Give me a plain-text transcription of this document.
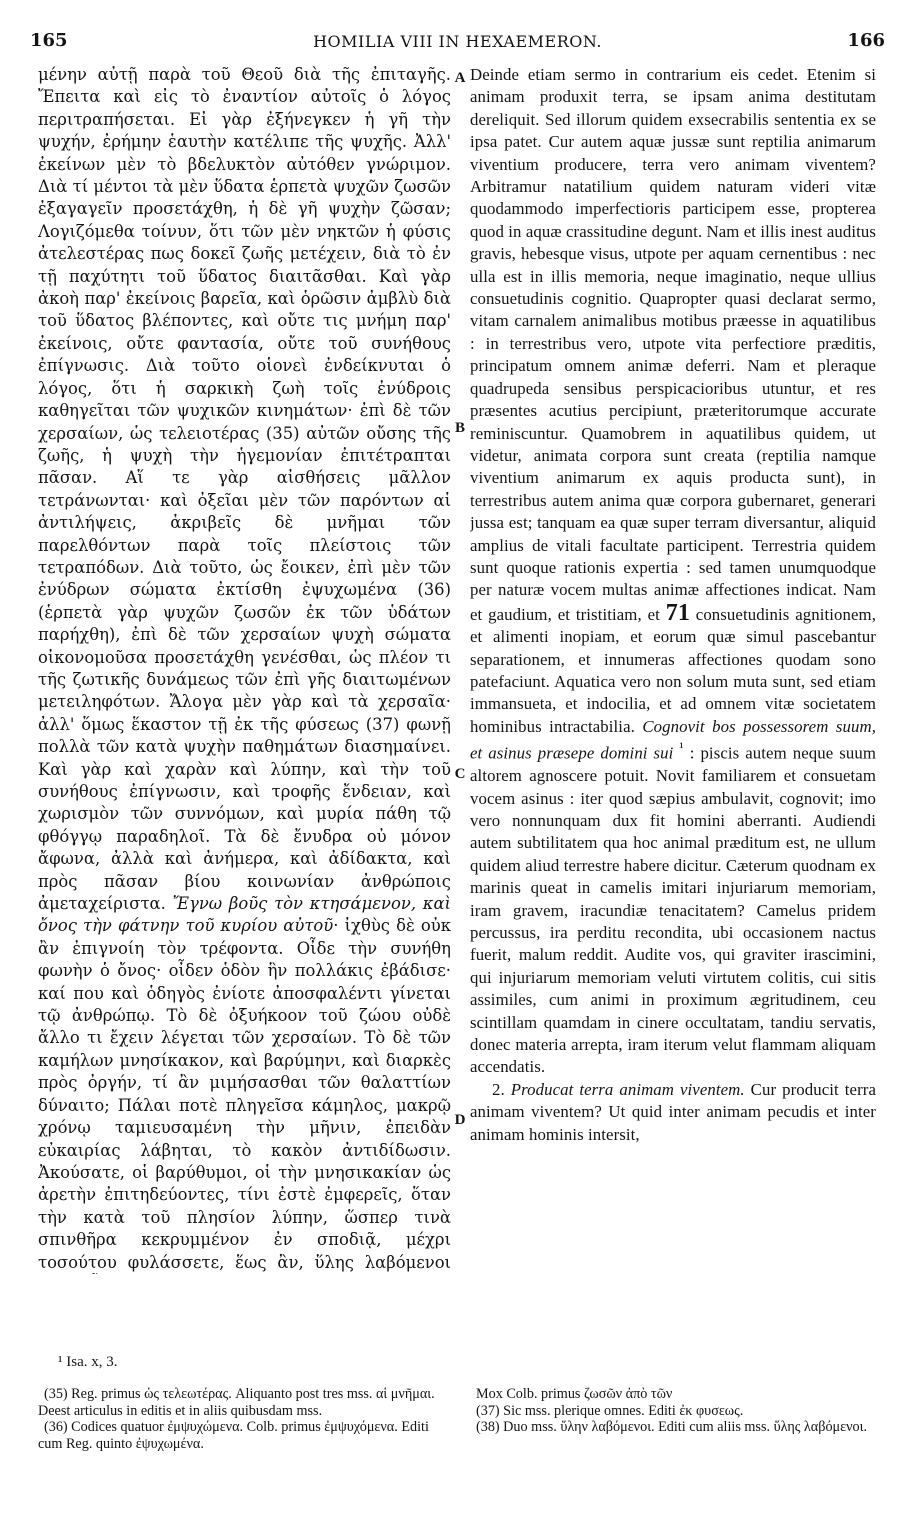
165	HOMILIA VIII IN HEXAEMERON.	166

μένην αὐτῇ παρὰ τοῦ Θεοῦ διὰ τῆς ἐπιταγῆς. Ἔπειτα καὶ εἰς τὸ ἐναντίον αὐτοῖς ὁ λόγος περιτραπήσεται. Εἰ γὰρ ἐξήνεγκεν ἡ γῆ τὴν ψυχήν, ἐρήμην ἑαυτὴν κατέλιπε τῆς ψυχῆς. Ἀλλ' ἐκείνων μὲν τὸ βδελυκτὸν αὐτόθεν γνώριμον. Διὰ τί μέντοι τὰ μὲν ὕδατα ἑρπετὰ ψυχῶν ζωσῶν ἐξαγαγεῖν προσετάχθη, ἡ δὲ γῆ ψυχὴν ζῶσαν; Λογιζόμεθα τοίνυν, ὅτι τῶν μὲν νηκτῶν ἡ φύσις ἀτελεστέρας πως δοκεῖ ζωῆς μετέχειν, διὰ τὸ ἐν τῇ παχύτητι τοῦ ὕδατος διαιτᾶσθαι. Καὶ γὰρ ἀκοὴ παρ' ἐκείνοις βαρεῖα, καὶ ὁρῶσιν ἀμβλὺ διὰ τοῦ ὕδατος βλέποντες, καὶ οὔτε τις μνήμη παρ' ἐκείνοις, οὔτε φαντασία, οὔτε τοῦ συνήθους ἐπίγνωσις. Διὰ τοῦτο οἱονεὶ ἐνδείκνυται ὁ λόγος, ὅτι ἡ σαρκικὴ ζωὴ τοῖς ἐνύδροις καθηγεῖται τῶν ψυχικῶν κινημάτων· ἐπὶ δὲ τῶν χερσαίων, ὡς τελειοτέρας (35) αὐτῶν οὔσης τῆς ζωῆς, ἡ ψυχὴ τὴν ἡγεμονίαν ἐπιτέτραπται πᾶσαν. Αἵ τε γὰρ αἰσθήσεις μᾶλλον τετράνωνται· καὶ ὀξεῖαι μὲν τῶν παρόντων αἱ ἀντιλήψεις, ἀκριβεῖς δὲ μνῆμαι τῶν παρελθόντων παρὰ τοῖς πλείστοις τῶν τετραπόδων. Διὰ τοῦτο, ὡς ἔοικεν, ἐπὶ μὲν τῶν ἐνύδρων σώματα ἐκτίσθη ἐψυχωμένα (36) (ἑρπετὰ γὰρ ψυχῶν ζωσῶν ἐκ τῶν ὑδάτων παρήχθη), ἐπὶ δὲ τῶν χερσαίων ψυχὴ σώματα οἰκονομοῦσα προσετάχθη γενέσθαι, ὡς πλέον τι τῆς ζωτικῆς δυνάμεως τῶν ἐπὶ γῆς διαιτωμένων μετειληφότων. Ἄλογα μὲν γὰρ καὶ τὰ χερσαῖα· ἀλλ' ὅμως ἕκαστον τῇ ἐκ τῆς φύσεως (37) φωνῇ πολλὰ τῶν κατὰ ψυχὴν παθημάτων διασημαίνει. Καὶ γὰρ καὶ χαρὰν καὶ λύπην, καὶ τὴν τοῦ συνήθους ἐπίγνωσιν, καὶ τροφῆς ἔνδειαν, καὶ χωρισμὸν τῶν συννόμων, καὶ μυρία πάθη τῷ φθόγγῳ παραδηλοῖ. Τὰ δὲ ἔνυδρα οὐ μόνον ἄφωνα, ἀλλὰ καὶ ἀνήμερα, καὶ ἀδίδακτα, καὶ πρὸς πᾶσαν βίου κοινωνίαν ἀνθρώποις ἀμεταχείριστα. Ἔγνω βοῦς τὸν κτησάμενον, καὶ ὄνος τὴν φάτνην τοῦ κυρίου αὐτοῦ· ἰχθὺς δὲ οὐκ ἂν ἐπιγνοίη τὸν τρέφοντα. Οἶδε τὴν συνήθη φωνὴν ὁ ὄνος· οἶδεν ὁδὸν ἣν πολλάκις ἐβάδισε· καί που καὶ ὁδηγὸς ἐνίοτε ἀποσφαλέντι γίνεται τῷ ἀνθρώπῳ. Τὸ δὲ ὀξυήκοον τοῦ ζώου οὐδὲ ἄλλο τι ἔχειν λέγεται τῶν χερσαίων. Τὸ δὲ τῶν καμήλων μνησίκακον, καὶ βαρύμηνι, καὶ διαρκὲς πρὸς ὀργήν, τί ἂν μιμήσασθαι τῶν θαλαττίων δύναιτο; Πάλαι ποτὲ πληγεῖσα κάμηλος, μακρῷ χρόνῳ ταμιευσαμένη τὴν μῆνιν, ἐπειδὰν εὐκαιρίας λάβηται, τὸ κακὸν ἀντιδίδωσιν. Ἀκούσατε, οἱ βαρύθυμοι, οἱ τὴν μνησικακίαν ὡς ἀρετὴν ἐπιτηδεύοντες, τίνι ἐστὲ ἐμφερεῖς, ὅταν τὴν κατὰ τοῦ πλησίον λύπην, ὥσπερ τινὰ σπινθῆρα κεκρυμμένον ἐν σποδιᾷ, μέχρι τοσούτου φυλάσσετε, ἕως ἂν, ὕλης λαβόμενοι

A
B
C
D

Deinde etiam sermo in contrarium eis cedet. Etenim si animam produxit terra, se ipsam anima destitutam dereliquit. Sed illorum quidem exsecrabilis sententia ex se ipsa patet. Cur autem aquæ jussæ sunt reptilia animarum viventium producere, terra vero animam viventem? Arbitramur natatilium quidem naturam videri vitæ quodammodo imperfectioris participem esse, propterea quod in aquæ crassitudine degunt. Nam et illis inest auditus gravis, hebesque visus, utpote per aquam cernentibus : nec ulla est in illis memoria, neque imaginatio, neque ullius consuetudinis cognitio. Quapropter quasi declarat sermo, vitam carnalem animalibus motibus præesse in aquatilibus : in terrestribus vero, utpote vita perfectiore præditis, principatum omnem animæ deferri. Nam et pleraque quadrupeda sensibus perspicacioribus utuntur, et res præsentes acutius percipiunt, præteritorumque accurate reminiscuntur. Quamobrem in aquatilibus quidem, ut videtur, animata corpora sunt creata (reptilia namque viventium animarum ex aquis producta sunt), in terrestribus autem anima quæ corpora gubernaret, generari jussa est; tanquam ea quæ super terram diversantur, aliquid amplius de vitali facultate participent. Terrestria quidem sunt quoque rationis expertia : sed tamen unumquodque per naturæ vocem multas animæ affectiones indicat. Nam et gaudium, et tristitiam, et 71 consuetudinis agnitionem, et alimenti inopiam, et eorum quæ simul pascebantur separationem, et innumeras affectiones quodam sono patefaciunt. Aquatica vero non solum muta sunt, sed etiam immansueta, et indocilia, et ad omnem vitæ societatem hominibus intractabilia. Cognovit bos possessorem suum, et asinus præsepe domini sui $^{^1}$ : piscis autem neque suum altorem agnoscere potuit. Novit familiarem et consuetam vocem asinus : iter quod sæpius ambulavit, cognovit; imo vero nonnunquam dux fit homini aberranti. Audiendi autem subtilitatem qua hoc animal præditum est, ne ullum quidem aliud terrestre habere dicitur. Cæterum quodnam ex marinis queat in camelis imitari injuriarum memoriam, iram gravem, iracundiæ tenacitatem? Camelus pridem percussus, ira perditu recondita, ubi occasionem nactus fuerit, malum reddit. Audite vos, qui graviter irascimini, qui injuriarum memoriam veluti virtutem colitis, cui sitis assimiles, cum animi in proximum ægritudinem, ceu scintillam quamdam in cinere occultatam, tandiu servatis, donec materia arrepta, iram iterum velut flammam aliquam accendatis.

2. Producat terra animam viventem. Cur producit terra animam viventem? Ut quid inter animam pecudis et inter animam hominis intersit,

¹ Isa. x, 3.

(35) Reg. primus ὡς τελεωτέρας. Aliquanto post tres mss. αἱ μνῆμαι. Deest articulus in editis et in aliis quibusdam mss.

(36) Codices quatuor ἐμψυχώμενα. Colb. primus ἐμψυχόμενα. Editi cum Reg. quinto ἐψυχωμένα.

Mox Colb. primus ζωσῶν ἀπὸ τῶν

(37) Sic mss. plerique omnes. Editi ἐκ φυσεως.

(38) Duo mss. ὕλην λαβόμενοι. Editi cum aliis mss. ὕλης λαβόμενοι.
